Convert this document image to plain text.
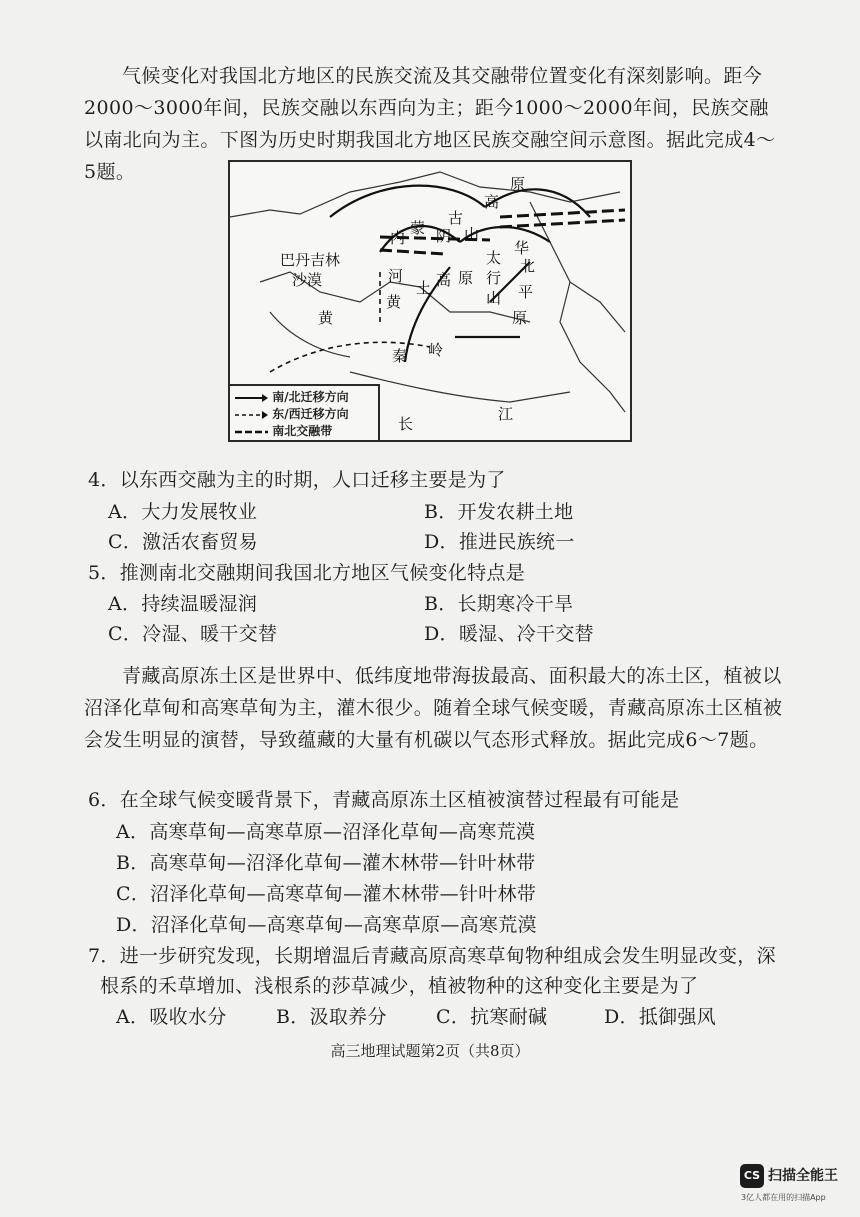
气候变化对我国北方地区的民族交流及其交融带位置变化有深刻影响。距今2000～3000年间，民族交融以东西向为主；距今1000～2000年间，民族交融以南北向为主。下图为历史时期我国北方地区民族交融空间示意图。据此完成4～5题。
高
原
内
蒙
古
阴 山
巴丹吉林
沙漠	河
太
行
山
华
北
平
原
黄
黄
土 高 原
秦 岭
长
江
南/北迁移方向
东/西迁移方向
南北交融带
4．以东西交融为主的时期，人口迁移主要是为了
A．大力发展牧业	B．开发农耕土地
C．激活农畜贸易	D．推进民族统一
5．推测南北交融期间我国北方地区气候变化特点是
A．持续温暖湿润	B．长期寒冷干旱
C．冷湿、暖干交替	D．暖湿、冷干交替
青藏高原冻土区是世界中、低纬度地带海拔最高、面积最大的冻土区，植被以沼泽化草甸和高寒草甸为主，灌木很少。随着全球气候变暖，青藏高原冻土区植被会发生明显的演替，导致蕴藏的大量有机碳以气态形式释放。据此完成6～7题。
6．在全球气候变暖背景下，青藏高原冻土区植被演替过程最有可能是
A．高寒草甸—高寒草原—沼泽化草甸—高寒荒漠
B．高寒草甸—沼泽化草甸—灌木林带—针叶林带
C．沼泽化草甸—高寒草甸—灌木林带—针叶林带
D．沼泽化草甸—高寒草甸—高寒草原—高寒荒漠
7．进一步研究发现，长期增温后青藏高原高寒草甸物种组成会发生明显改变，深
根系的禾草增加、浅根系的莎草减少，植被物种的这种变化主要是为了
A．吸收水分	B．汲取养分	C．抗寒耐碱	D．抵御强风
高三地理试题第2页（共8页）
CS 扫描全能王
3亿人都在用的扫描App
